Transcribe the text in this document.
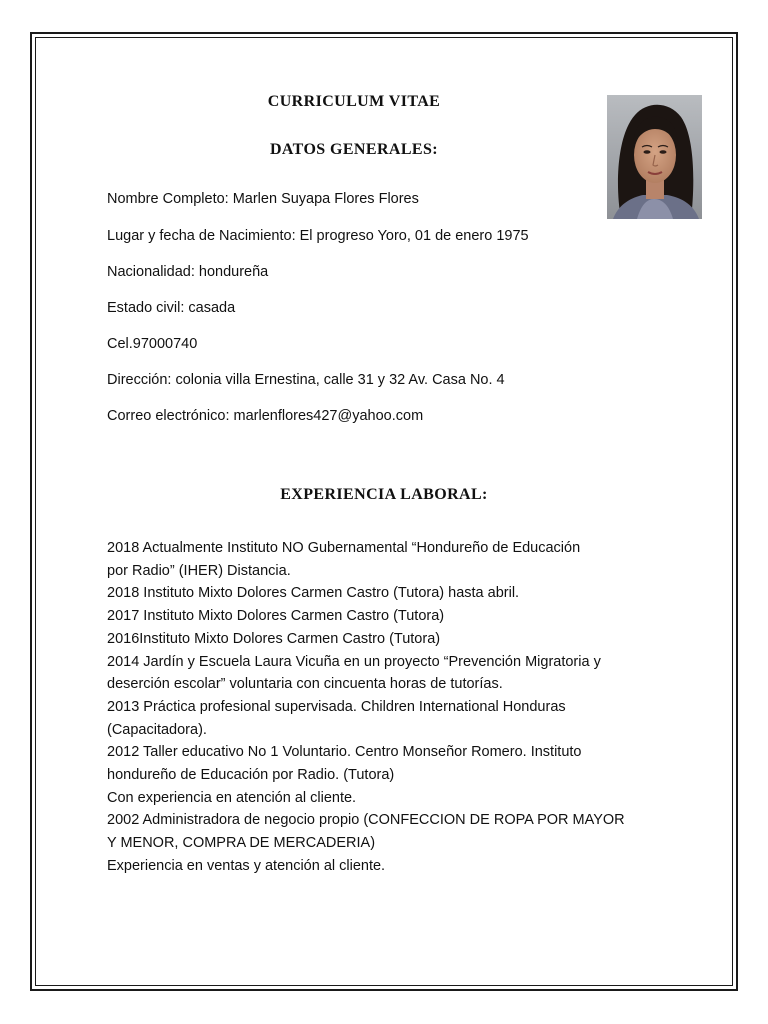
CURRICULUM VITAE
DATOS GENERALES:
Nombre Completo: Marlen Suyapa Flores Flores
Lugar y fecha de Nacimiento: El progreso Yoro, 01 de enero 1975
Nacionalidad: hondureña
Estado civil: casada
Cel.97000740
Dirección: colonia villa Ernestina, calle 31 y 32 Av. Casa No. 4
Correo electrónico: marlenflores427@yahoo.com
EXPERIENCIA LABORAL:
2018 Actualmente Instituto NO Gubernamental “Hondureño de Educación
por Radio” (IHER) Distancia.
2018 Instituto Mixto Dolores Carmen Castro (Tutora) hasta abril.
2017 Instituto Mixto Dolores Carmen Castro (Tutora)
2016Instituto Mixto Dolores Carmen Castro (Tutora)
2014 Jardín y Escuela Laura Vicuña en un proyecto “Prevención Migratoria y
deserción escolar” voluntaria con cincuenta horas de tutorías.
2013 Práctica profesional supervisada. Children International Honduras
(Capacitadora).
2012 Taller educativo No 1 Voluntario. Centro Monseñor Romero. Instituto
hondureño de Educación por Radio. (Tutora)
Con experiencia en atención al cliente.
2002 Administradora de negocio propio (CONFECCION DE ROPA POR MAYOR
Y MENOR, COMPRA DE MERCADERIA)
Experiencia en ventas y atención al cliente.
